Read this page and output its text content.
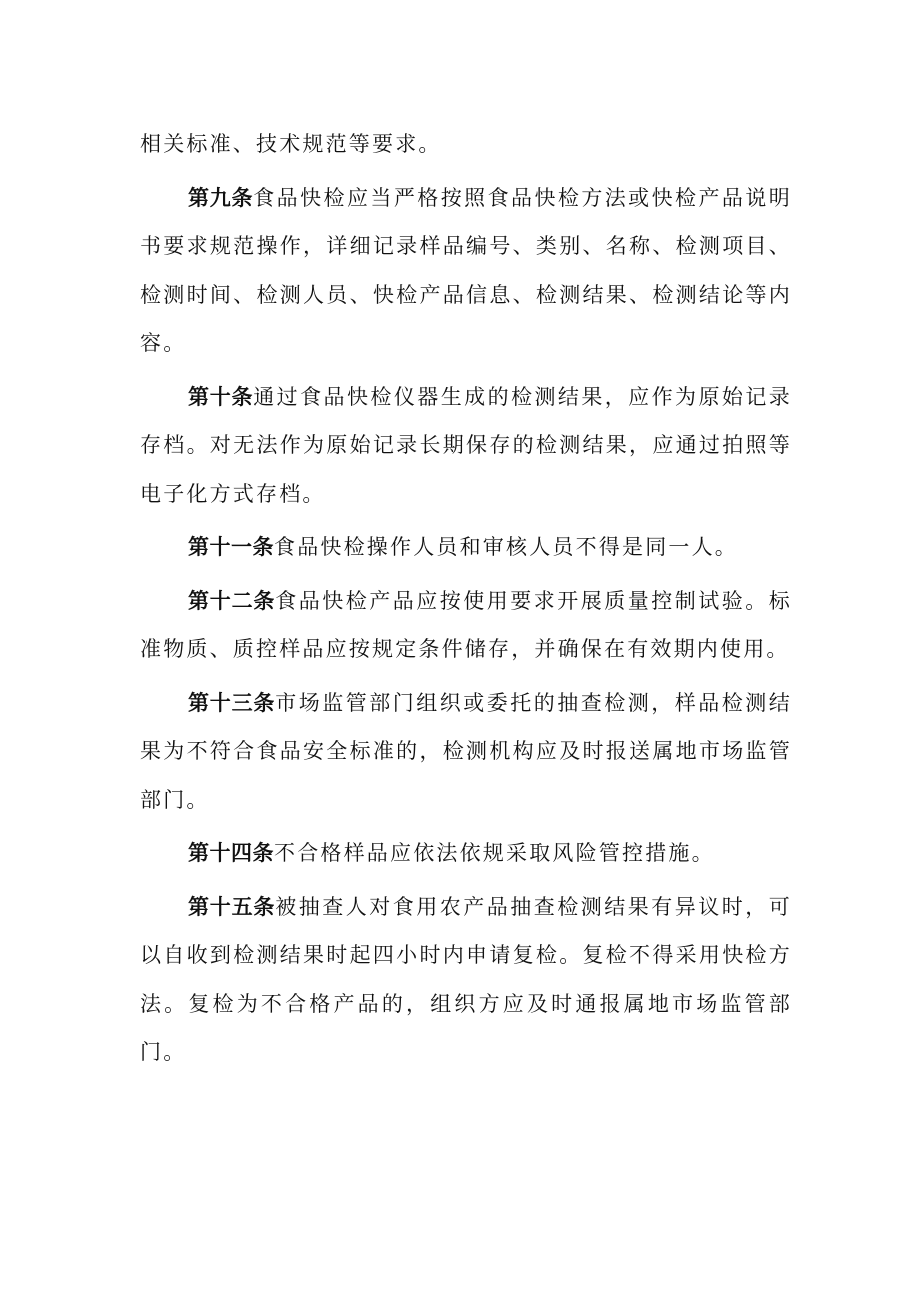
相关标准、技术规范等要求。

第九条食品快检应当严格按照食品快检方法或快检产品说明书要求规范操作，详细记录样品编号、类别、名称、检测项目、检测时间、检测人员、快检产品信息、检测结果、检测结论等内容。

第十条通过食品快检仪器生成的检测结果，应作为原始记录存档。对无法作为原始记录长期保存的检测结果，应通过拍照等电子化方式存档。

第十一条食品快检操作人员和审核人员不得是同一人。

第十二条食品快检产品应按使用要求开展质量控制试验。标准物质、质控样品应按规定条件储存，并确保在有效期内使用。

第十三条市场监管部门组织或委托的抽查检测，样品检测结果为不符合食品安全标准的，检测机构应及时报送属地市场监管部门。

第十四条不合格样品应依法依规采取风险管控措施。

第十五条被抽查人对食用农产品抽查检测结果有异议时，可以自收到检测结果时起四小时内申请复检。复检不得采用快检方法。复检为不合格产品的，组织方应及时通报属地市场监管部门。
